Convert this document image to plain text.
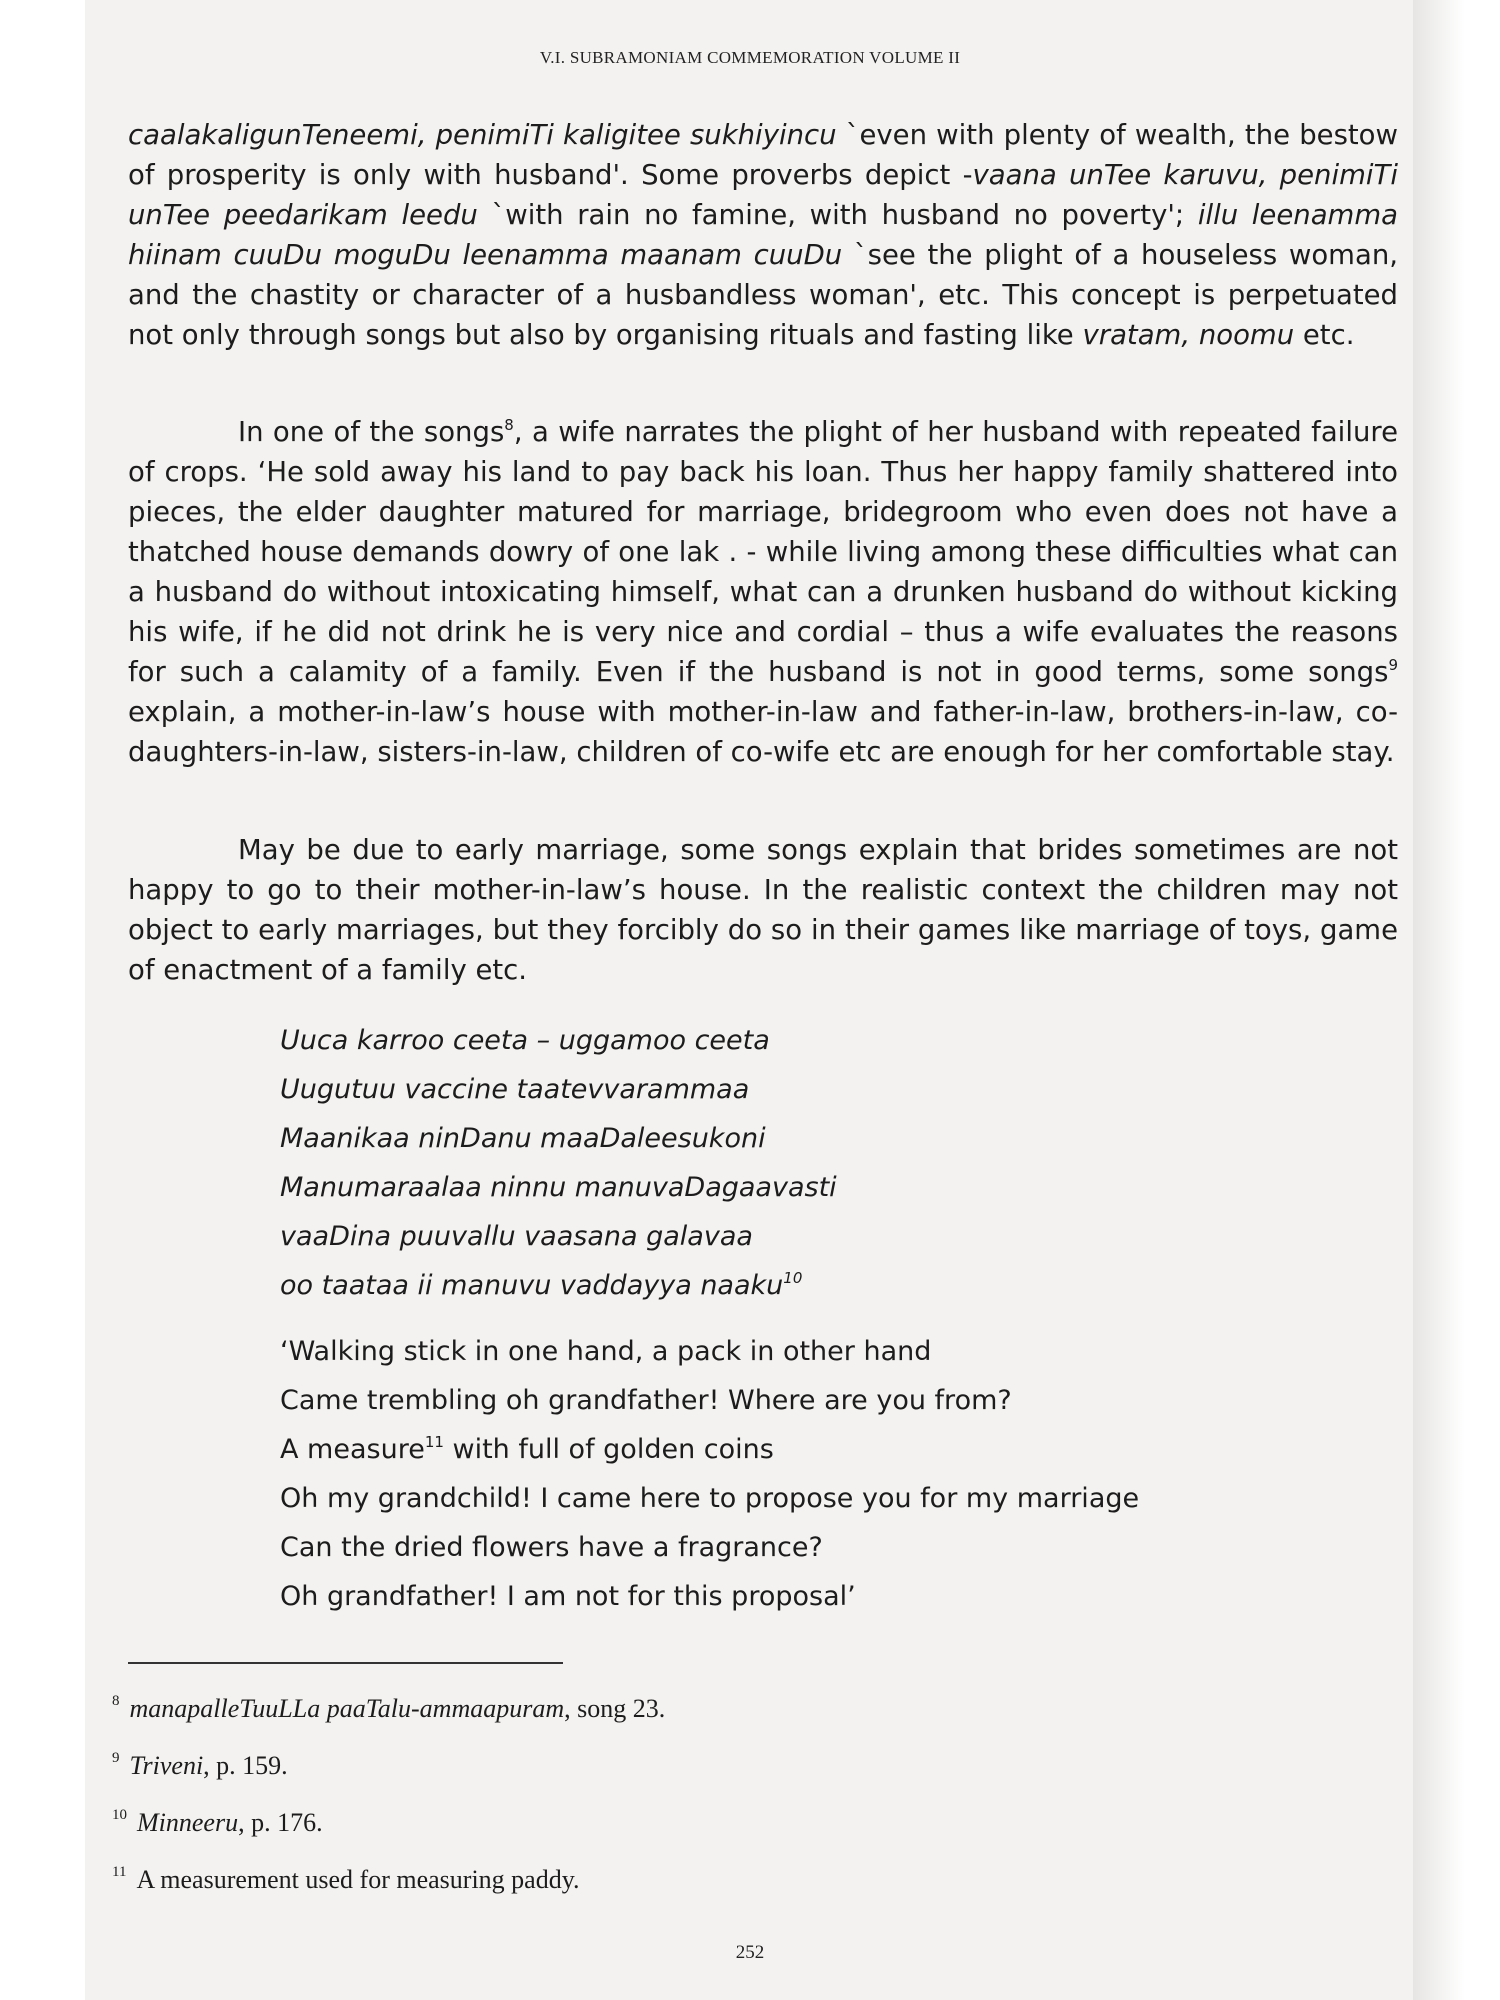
V.I. SUBRAMONIAM COMMEMORATION VOLUME II
caalakaligunTeneemi, penimiTi kaligitee sukhiyincu `even with plenty of wealth, the bestow of prosperity is only with husband'. Some proverbs depict -vaana unTee karuvu, penimiTi unTee peedarikam leedu `with rain no famine, with husband no poverty'; illu leenamma hiinam cuuDu moguDu leenamma maanam cuuDu `see the plight of a houseless woman, and the chastity or character of a husbandless woman', etc. This concept is perpetuated not only through songs but also by organising rituals and fasting like vratam, noomu etc.
In one of the songs$^8$, a wife narrates the plight of her husband with repeated failure of crops. ‘He sold away his land to pay back his loan. Thus her happy family shattered into pieces, the elder daughter matured for marriage, bridegroom who even does not have a thatched house demands dowry of one lak . - while living among these difficulties what can a husband do without intoxicating himself, what can a drunken husband do without kicking his wife, if he did not drink he is very nice and cordial – thus a wife evaluates the reasons for such a calamity of a family. Even if the husband is not in good terms, some songs$^9$ explain, a mother-in-law’s house with mother-in-law and father-in-law, brothers-in-law, co-daughters-in-law, sisters-in-law, children of co-wife etc are enough for her comfortable stay.
May be due to early marriage, some songs explain that brides sometimes are not happy to go to their mother-in-law’s house. In the realistic context the children may not object to early marriages, but they forcibly do so in their games like marriage of toys, game of enactment of a family etc.
Uuca karroo ceeta – uggamoo ceeta
Uugutuu vaccine taatevvarammaa
Maanikaa ninDanu maaDaleesukoni
Manumaraalaa ninnu manuvaDagaavasti
vaaDina puuvallu vaasana galavaa
oo taataa ii manuvu vaddayya naaku$^{10}$
‘Walking stick in one hand, a pack in other hand
Came trembling oh grandfather! Where are you from?
A measure$^{11}$ with full of golden coins
Oh my grandchild! I came here to propose you for my marriage
Can the dried flowers have a fragrance?
Oh grandfather! I am not for this proposal’
$^8$ manapalleTuuLLa paaTalu-ammaapuram, song 23.
$^9$ Triveni, p. 159.
$^{10}$ Minneeru, p. 176.
$^{11}$ A measurement used for measuring paddy.
252
